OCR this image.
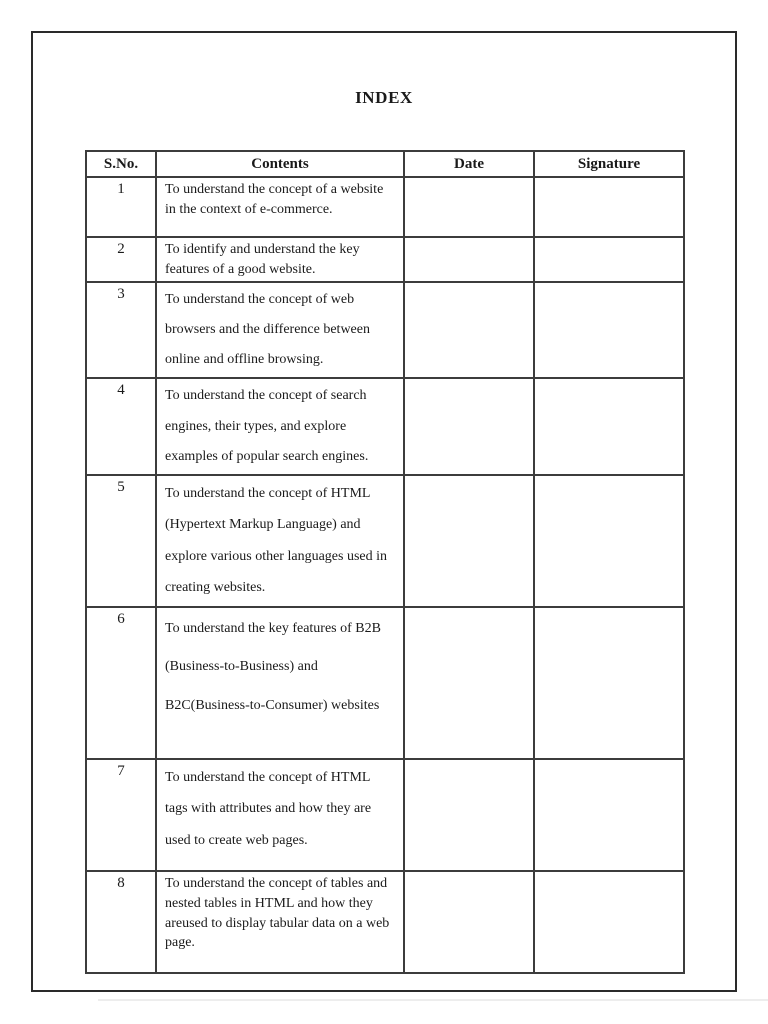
INDEX
S.No.	Contents	Date	Signature
1	To understand the concept of a website in the context of e-commerce.		
2	To identify and understand the key features of a good website.		
3	To understand the concept of web browsers and the difference between online and offline browsing.		
4	To understand the concept of search engines, their types, and explore examples of popular search engines.		
5	To understand the concept of HTML (Hypertext Markup Language) and explore various other languages used in creating websites.		
6	To understand the key features of B2B (Business-to-Business) and B2C(Business-to-Consumer) websites		
7	To understand the concept of HTML tags with attributes and how they are used to create web pages.		
8	To understand the concept of tables and nested tables in HTML and how they areused to display tabular data on a web page.		
